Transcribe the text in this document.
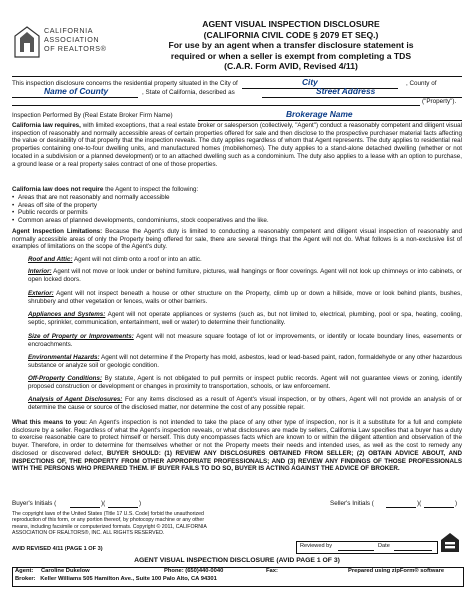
CALIFORNIA
ASSOCIATION
OF REALTORS®
AGENT VISUAL INSPECTION DISCLOSURE
(CALIFORNIA CIVIL CODE § 2079 ET SEQ.)
For use by an agent when a transfer disclosure statement is
required or when a seller is exempt from completing a TDS
(C.A.R. Form AVID, Revised 4/11)
This inspection disclosure concerns the residential property situated in the City of	City	, County of
Name of County	, State of California, described as	Street Address
("Property").
Inspection Performed By (Real Estate Broker Firm Name)	Brokerage Name
California law requires, with limited exceptions, that a real estate broker or salesperson (collectively, "Agent") conduct a reasonably competent and diligent visual inspection of reasonably and normally accessible areas of certain properties offered for sale and then disclose to the prospective purchaser material facts affecting the value or desirability of that property that the inspection reveals. The duty applies regardless of whom that Agent represents. The duty applies to residential real properties containing one-to-four dwelling units, and manufactured homes (mobilehomes). The duty applies to a stand-alone detached dwelling (whether or not located in a subdivision or a planned development) or to an attached dwelling such as a condominium. The duty also applies to a lease with an option to purchase, a ground lease or a real property sales contract of one of those properties.
California law does not require the Agent to inspect the following:
• Areas that are not reasonably and normally accessible
• Areas off site of the property
• Public records or permits
• Common areas of planned developments, condominiums, stock cooperatives and the like.
Agent Inspection Limitations: Because the Agent's duty is limited to conducting a reasonably competent and diligent visual inspection of reasonably and normally accessible areas of only the Property being offered for sale, there are several things that the Agent will not do. What follows is a non-exclusive list of examples of limitations on the scope of the Agent's duty.
Roof and Attic: Agent will not climb onto a roof or into an attic.
Interior: Agent will not move or look under or behind furniture, pictures, wall hangings or floor coverings. Agent will not look up chimneys or into cabinets, or open locked doors.
Exterior: Agent will not inspect beneath a house or other structure on the Property, climb up or down a hillside, move or look behind plants, bushes, shrubbery and other vegetation or fences, walls or other barriers.
Appliances and Systems: Agent will not operate appliances or systems (such as, but not limited to, electrical, plumbing, pool or spa, heating, cooling, septic, sprinkler, communication, entertainment, well or water) to determine their functionality.
Size of Property or Improvements: Agent will not measure square footage of lot or improvements, or identify or locate boundary lines, easements or encroachments.
Environmental Hazards: Agent will not determine if the Property has mold, asbestos, lead or lead-based paint, radon, formaldehyde or any other hazardous substance or analyze soil or geologic condition.
Off-Property Conditions: By statute, Agent is not obligated to pull permits or inspect public records. Agent will not guarantee views or zoning, identify proposed construction or development or changes in proximity to transportation, schools, or law enforcement.
Analysis of Agent Disclosures: For any items disclosed as a result of Agent's visual inspection, or by others, Agent will not provide an analysis of or determine the cause or source of the disclosed matter, nor determine the cost of any possible repair.
What this means to you: An Agent's inspection is not intended to take the place of any other type of inspection, nor is it a substitute for a full and complete disclosure by a seller. Regardless of what the Agent's inspection reveals, or what disclosures are made by sellers, California Law specifies that a buyer has a duty to exercise reasonable care to protect himself or herself. This duty encompasses facts which are known to or within the diligent attention and observation of the buyer. Therefore, in order to determine for themselves whether or not the Property meets their needs and intended uses, as well as the cost to remedy any disclosed or discovered defect, BUYER SHOULD: (1) REVIEW ANY DISCLOSURES OBTAINED FROM SELLER; (2) OBTAIN ADVICE ABOUT, AND INSPECTIONS OF, THE PROPERTY FROM OTHER APPROPRIATE PROFESSIONALS; AND (3) REVIEW ANY FINDINGS OF THOSE PROFESSIONALS WITH THE PERSONS WHO PREPARED THEM. IF BUYER FAILS TO DO SO, BUYER IS ACTING AGAINST THE ADVICE OF BROKER.
Buyer's Initials (	)(	)	Seller's Initials (	)(	)
The copyright laws of the United States (Title 17 U.S. Code) forbid the unauthorized
reproduction of this form, or any portion thereof, by photocopy machine or any other
means, including facsimile or computerized formats. Copyright © 2011, CALIFORNIA
ASSOCIATION OF REALTORS®, INC. ALL RIGHTS RESERVED.
Reviewed by	Date
AVID REVISED 4/11 (PAGE 1 OF 3)
AGENT VISUAL INSPECTION DISCLOSURE (AVID PAGE 1 OF 3)
Agent: Caroline Dukelow	Phone: (650)440-0040	Fax:	Prepared using zipForm® software
Broker: Keller Williams 505 Hamilton Ave., Suite 100 Palo Alto, CA 94301
